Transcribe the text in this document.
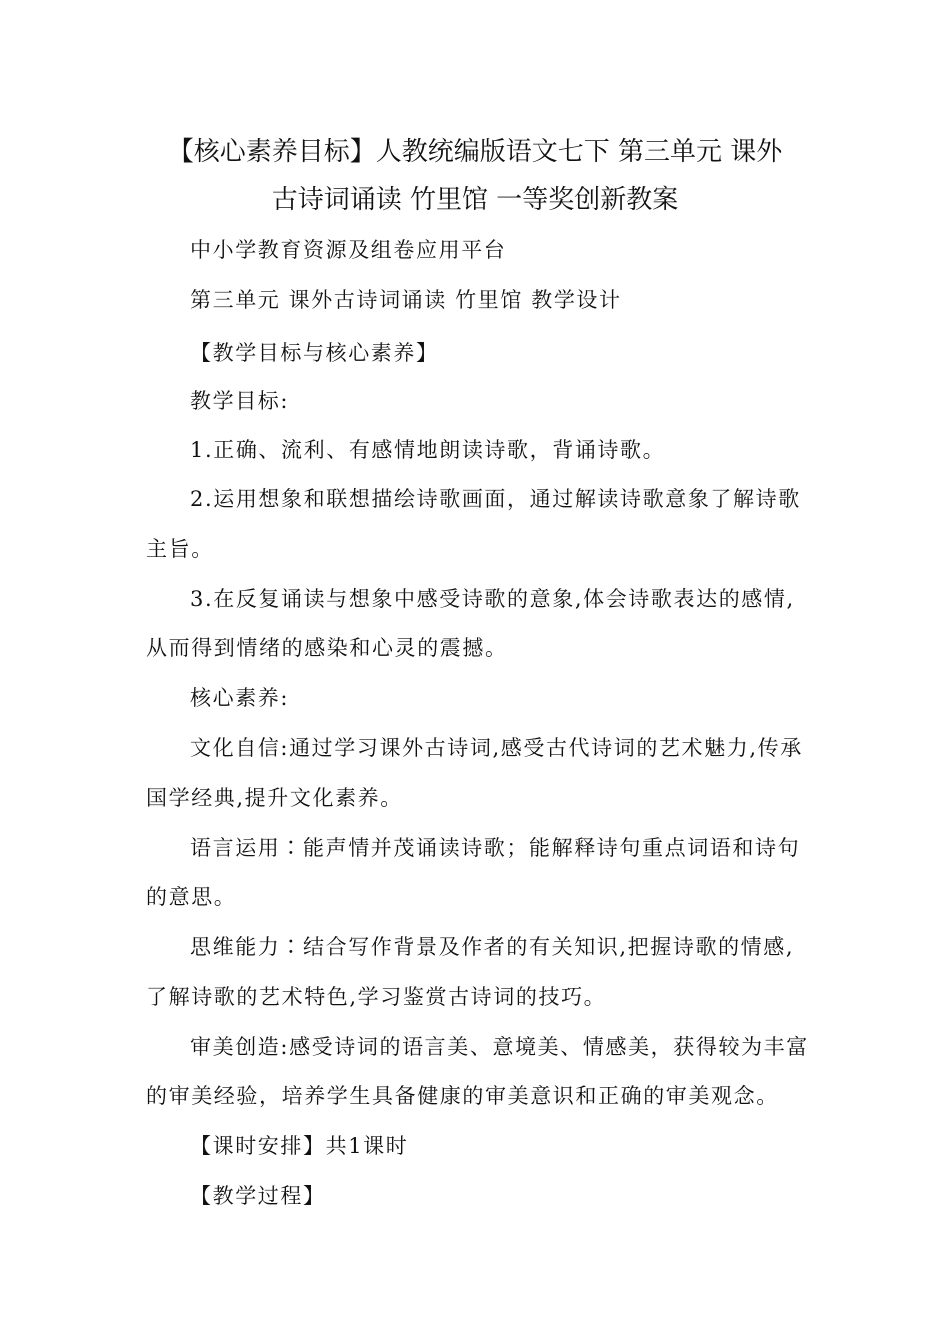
【核心素养目标】人教统编版语文七下 第三单元 课外
古诗词诵读 竹里馆 一等奖创新教案
中小学教育资源及组卷应用平台
第三单元 课外古诗词诵读 竹里馆 教学设计
【教学目标与核心素养】
教学目标:
1.正确、流利、有感情地朗读诗歌，背诵诗歌。
2.运用想象和联想描绘诗歌画面，通过解读诗歌意象了解诗歌
主旨。
3.在反复诵读与想象中感受诗歌的意象,体会诗歌表达的感情,
从而得到情绪的感染和心灵的震撼。
核心素养:
文化自信:通过学习课外古诗词,感受古代诗词的艺术魅力,传承
国学经典,提升文化素养。
语言运用∶能声情并茂诵读诗歌；能解释诗句重点词语和诗句
的意思。
思维能力∶结合写作背景及作者的有关知识,把握诗歌的情感,
了解诗歌的艺术特色,学习鉴赏古诗词的技巧。
审美创造:感受诗词的语言美、意境美、情感美，获得较为丰富
的审美经验，培养学生具备健康的审美意识和正确的审美观念。
【课时安排】共1课时
【教学过程】
